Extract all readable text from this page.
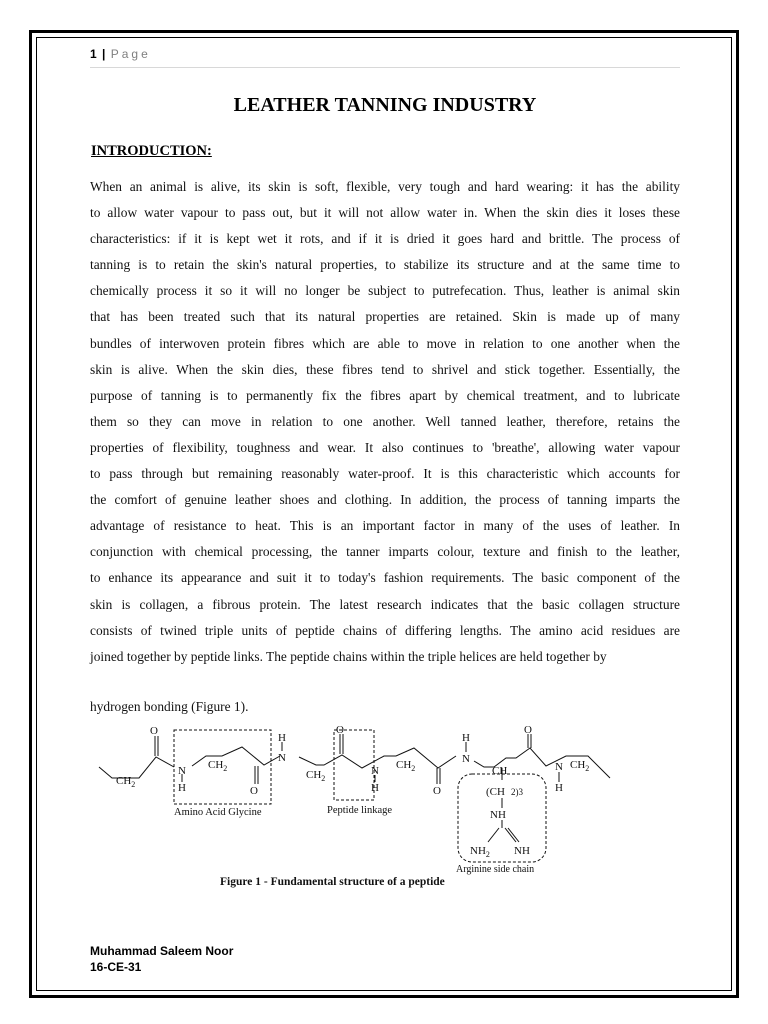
1 | Page
LEATHER TANNING INDUSTRY
INTRODUCTION:
When an animal is alive, its skin is soft, flexible, very tough and hard wearing: it has the ability
to allow water vapour to pass out, but it will not allow water in. When the skin dies it loses these
characteristics: if it is kept wet it rots, and if it is dried it goes hard and brittle. The process of
tanning is to retain the skin's natural properties, to stabilize its structure and at the same time to
chemically process it so it will no longer be subject to putrefecation. Thus, leather is animal skin
that has been treated such that its natural properties are retained. Skin is made up of many
bundles of interwoven protein fibres which are able to move in relation to one another when the
skin is alive. When the skin dies, these fibres tend to shrivel and stick together. Essentially, the
purpose of tanning is to permanently fix the fibres apart by chemical treatment, and to lubricate
them so they can move in relation to one another. Well tanned leather, therefore, retains the
properties of flexibility, toughness and wear. It also continues to 'breathe', allowing water vapour
to pass through but remaining reasonably water-proof. It is this characteristic which accounts for
the comfort of genuine leather shoes and clothing. In addition, the process of tanning imparts the
advantage of resistance to heat. This is an important factor in many of the uses of leather. In
conjunction with chemical processing, the tanner imparts colour, texture and finish to the leather,
to enhance its appearance and suit it to today's fashion requirements. The basic component of the
skin is collagen, a fibrous protein. The latest research indicates that the basic collagen structure
consists of twined triple units of peptide chains of differing lengths. The amino acid residues are
joined together by peptide links. The peptide chains within the triple helices are held together by
hydrogen bonding (Figure 1).
O
O
O
O
O
N
N
N
N
N
H
H
H
H
H
$CH_2$
$CH_2$
$CH_2$
$CH_2$	CH
(CH 2)3
NH
$NH_2$ NH
$CH_2$
Amino Acid Glycine	Peptide linkage
Arginine side chain
Figure 1 - Fundamental structure of a peptide
Muhammad Saleem Noor
16-CE-31
